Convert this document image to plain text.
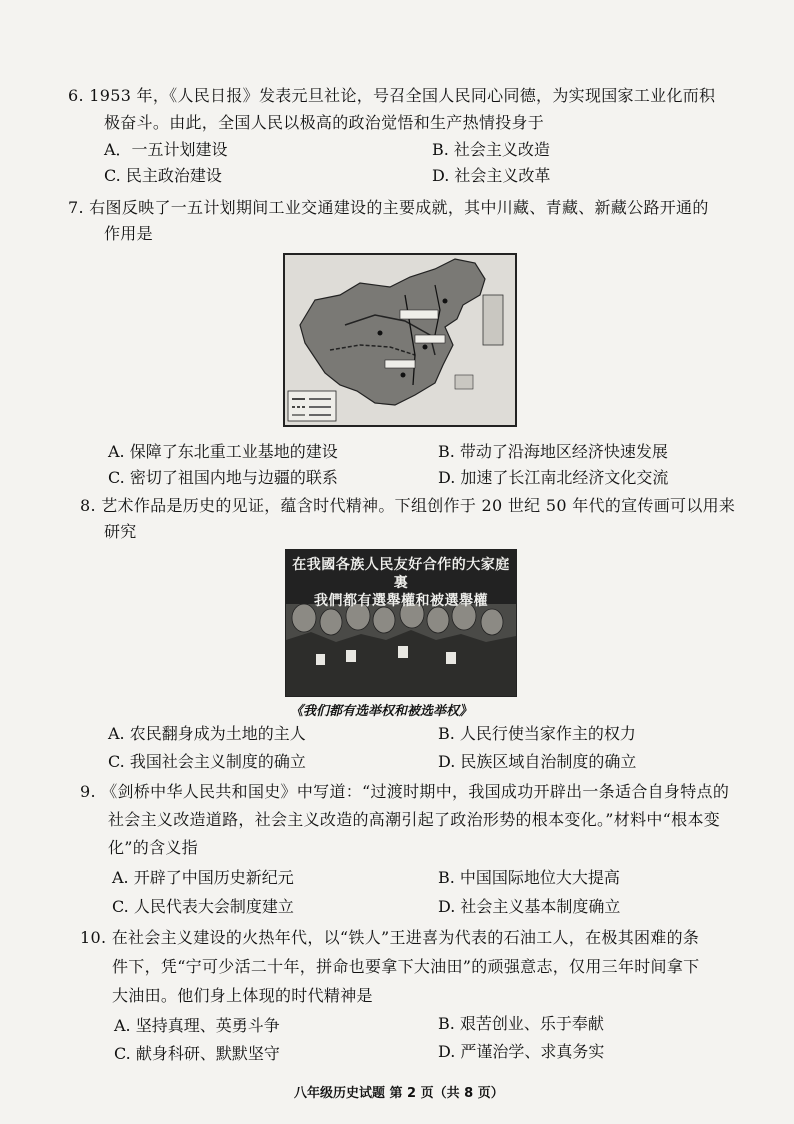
6. 1953 年，《人民日报》发表元旦社论，号召全国人民同心同德，为实现国家工业化而积
极奋斗。由此，全国人民以极高的政治觉悟和生产热情投身于
A．一五计划建设	B. 社会主义改造
C. 民主政治建设	D. 社会主义改革
7. 右图反映了一五计划期间工业交通建设的主要成就，其中川藏、青藏、新藏公路开通的
作用是
A. 保障了东北重工业基地的建设	B. 带动了沿海地区经济快速发展
C. 密切了祖国内地与边疆的联系	D. 加速了长江南北经济文化交流
8. 艺术作品是历史的见证，蕴含时代精神。下组创作于 20 世纪 50 年代的宣传画可以用来
研究
在我國各族人民友好合作的大家庭裏
我們都有選舉權和被選舉權
《我们都有选举权和被选举权》
A. 农民翻身成为土地的主人	B. 人民行使当家作主的权力
C. 我国社会主义制度的确立	D. 民族区域自治制度的确立
9. 《剑桥中华人民共和国史》中写道：“过渡时期中，我国成功开辟出一条适合自身特点的
社会主义改造道路，社会主义改造的高潮引起了政治形势的根本变化。”材料中“根本变
化”的含义指
A. 开辟了中国历史新纪元	B. 中国国际地位大大提高
C. 人民代表大会制度建立	D. 社会主义基本制度确立
10. 在社会主义建设的火热年代，以“铁人”王进喜为代表的石油工人，在极其困难的条
件下，凭“宁可少活二十年，拼命也要拿下大油田”的顽强意志，仅用三年时间拿下
大油田。他们身上体现的时代精神是
A. 坚持真理、英勇斗争	B. 艰苦创业、乐于奉献
C. 献身科研、默默坚守	D. 严谨治学、求真务实
八年级历史试题 第 2 页（共 8 页）
